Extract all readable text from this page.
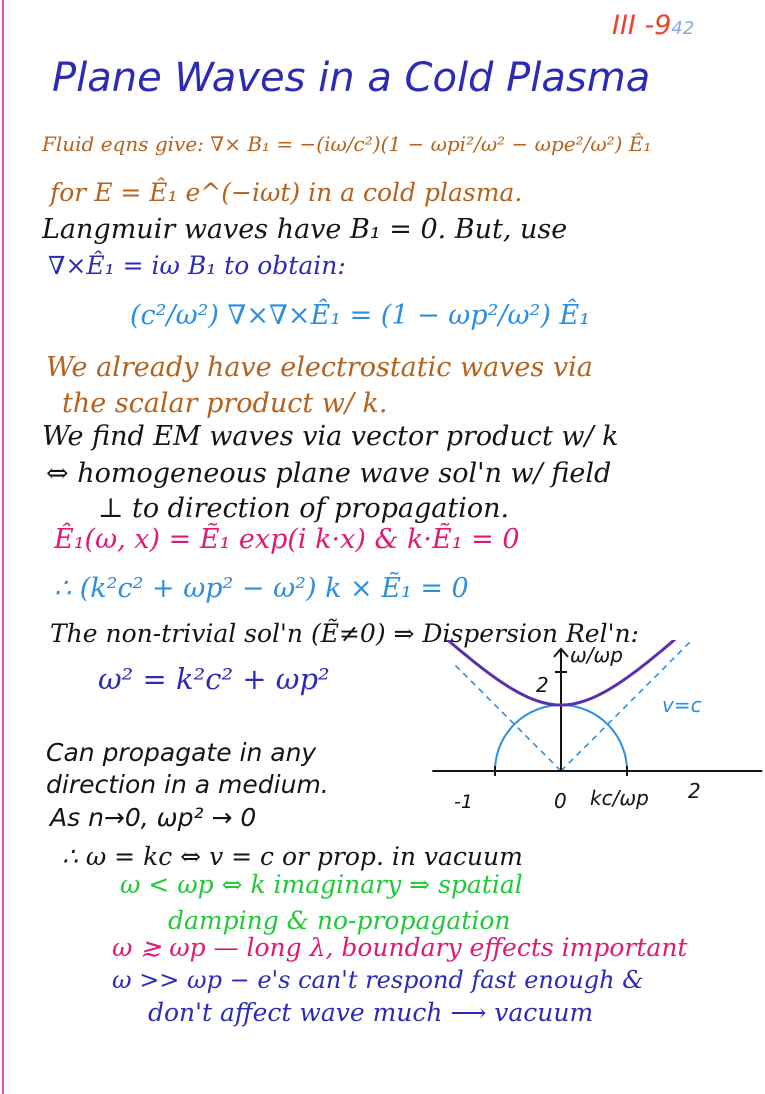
III -942
Plane Waves in a Cold Plasma
Fluid eqns give: ∇× B₁ = −(iω/c²)(1 − ωpi²/ω² − ωpe²/ω²) Ê₁
for E = Ê₁ e^(−iωt) in a cold plasma.
Langmuir waves have B₁ = 0. But, use
∇×Ê₁ = iω B₁ to obtain:
(c²/ω²) ∇×∇×Ê₁ = (1 − ωp²/ω²) Ê₁
We already have electrostatic waves via
the scalar product w/ k.
We find EM waves via vector product w/ k
⇔ homogeneous plane wave sol'n w/ field
⊥ to direction of propagation.
Ê₁(ω, x) = Ẽ₁ exp(i k·x) & k·Ẽ₁ = 0
∴ (k²c² + ωp² − ω²) k × Ẽ₁ = 0
The non-trivial sol'n (Ẽ≠0) ⇒ Dispersion Rel'n:
ω² = k²c² + ωp²
ω/ωp
kc/ωp
2
-1	0	2
v=c
Can propagate in any
direction in a medium.
As n→0, ωp² → 0
∴ ω = kc ⇔ v = c or prop. in vacuum
ω < ωp ⇔ k imaginary ⇒ spatial
damping & no-propagation
ω ≳ ωp — long λ, boundary effects important
ω >> ωp − e's can't respond fast enough &
don't affect wave much ⟶ vacuum
